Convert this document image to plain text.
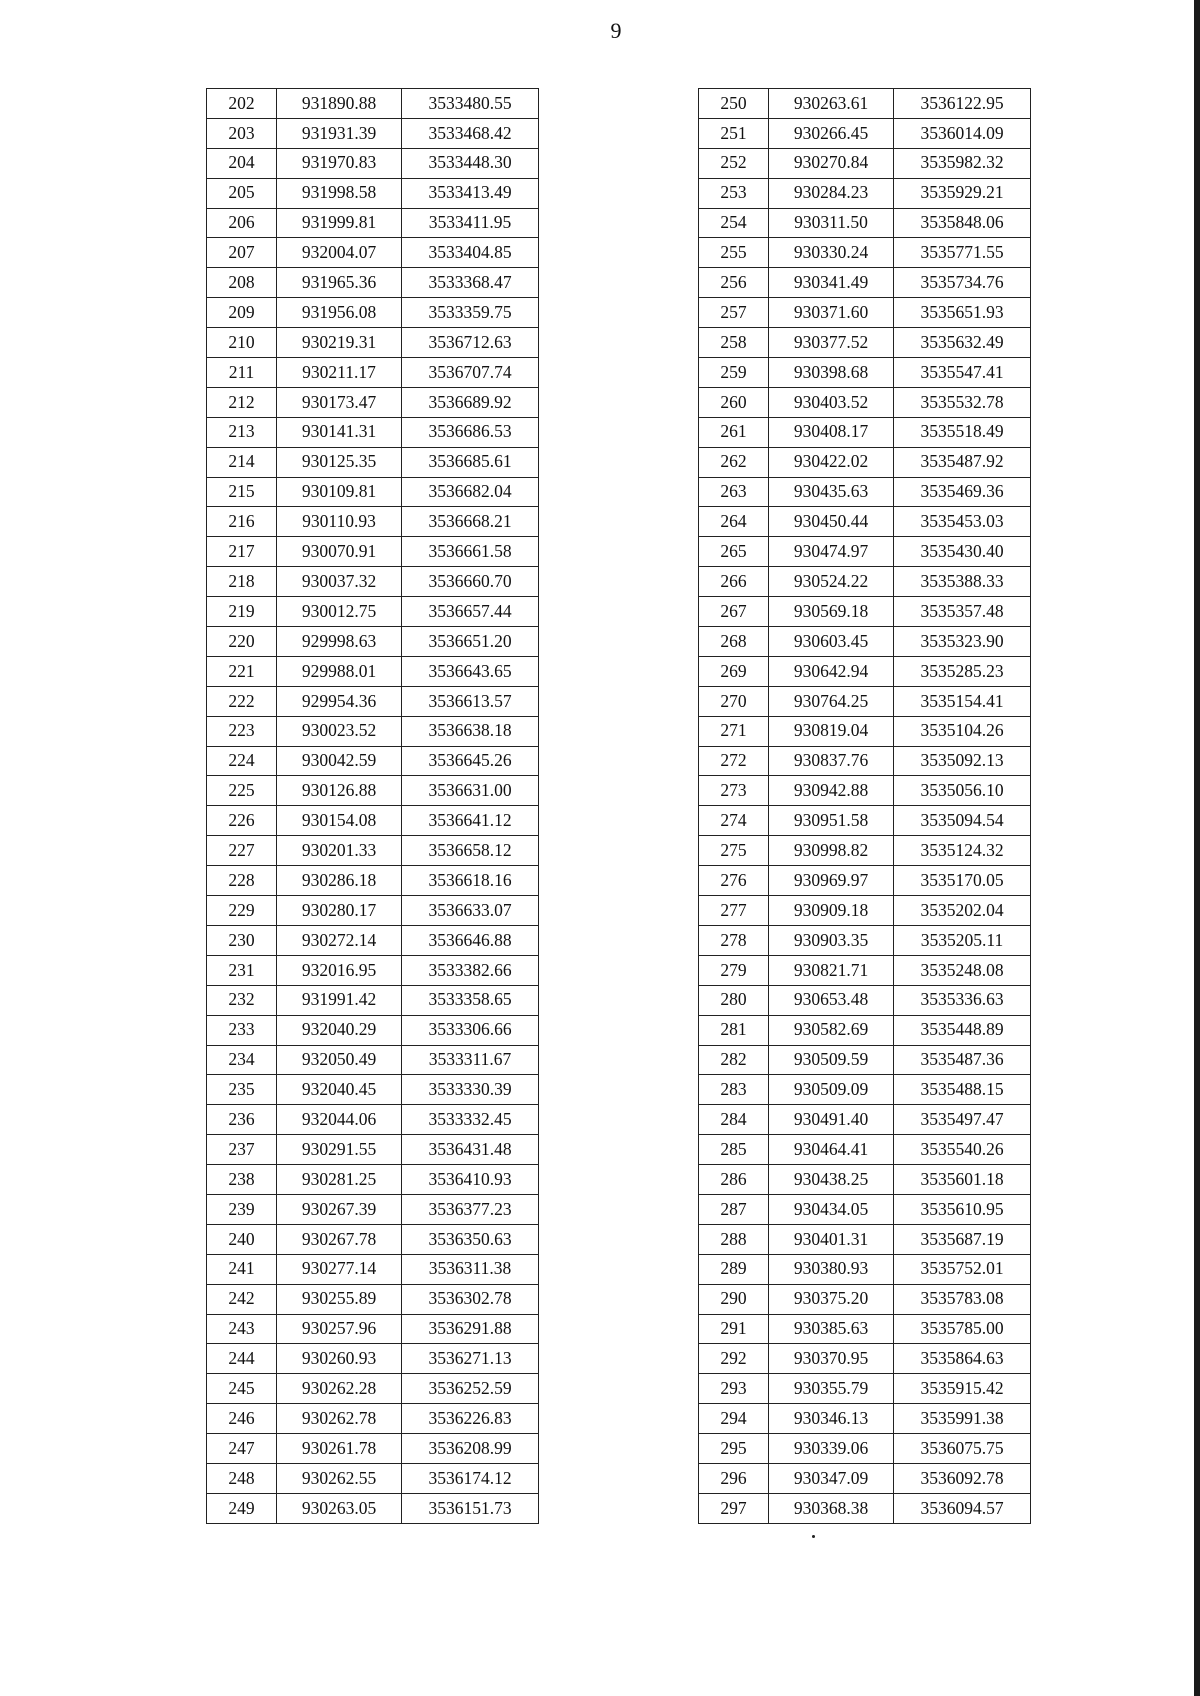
9
202	931890.88	3533480.55
203	931931.39	3533468.42
204	931970.83	3533448.30
205	931998.58	3533413.49
206	931999.81	3533411.95
207	932004.07	3533404.85
208	931965.36	3533368.47
209	931956.08	3533359.75
210	930219.31	3536712.63
211	930211.17	3536707.74
212	930173.47	3536689.92
213	930141.31	3536686.53
214	930125.35	3536685.61
215	930109.81	3536682.04
216	930110.93	3536668.21
217	930070.91	3536661.58
218	930037.32	3536660.70
219	930012.75	3536657.44
220	929998.63	3536651.20
221	929988.01	3536643.65
222	929954.36	3536613.57
223	930023.52	3536638.18
224	930042.59	3536645.26
225	930126.88	3536631.00
226	930154.08	3536641.12
227	930201.33	3536658.12
228	930286.18	3536618.16
229	930280.17	3536633.07
230	930272.14	3536646.88
231	932016.95	3533382.66
232	931991.42	3533358.65
233	932040.29	3533306.66
234	932050.49	3533311.67
235	932040.45	3533330.39
236	932044.06	3533332.45
237	930291.55	3536431.48
238	930281.25	3536410.93
239	930267.39	3536377.23
240	930267.78	3536350.63
241	930277.14	3536311.38
242	930255.89	3536302.78
243	930257.96	3536291.88
244	930260.93	3536271.13
245	930262.28	3536252.59
246	930262.78	3536226.83
247	930261.78	3536208.99
248	930262.55	3536174.12
249	930263.05	3536151.73
250	930263.61	3536122.95
251	930266.45	3536014.09
252	930270.84	3535982.32
253	930284.23	3535929.21
254	930311.50	3535848.06
255	930330.24	3535771.55
256	930341.49	3535734.76
257	930371.60	3535651.93
258	930377.52	3535632.49
259	930398.68	3535547.41
260	930403.52	3535532.78
261	930408.17	3535518.49
262	930422.02	3535487.92
263	930435.63	3535469.36
264	930450.44	3535453.03
265	930474.97	3535430.40
266	930524.22	3535388.33
267	930569.18	3535357.48
268	930603.45	3535323.90
269	930642.94	3535285.23
270	930764.25	3535154.41
271	930819.04	3535104.26
272	930837.76	3535092.13
273	930942.88	3535056.10
274	930951.58	3535094.54
275	930998.82	3535124.32
276	930969.97	3535170.05
277	930909.18	3535202.04
278	930903.35	3535205.11
279	930821.71	3535248.08
280	930653.48	3535336.63
281	930582.69	3535448.89
282	930509.59	3535487.36
283	930509.09	3535488.15
284	930491.40	3535497.47
285	930464.41	3535540.26
286	930438.25	3535601.18
287	930434.05	3535610.95
288	930401.31	3535687.19
289	930380.93	3535752.01
290	930375.20	3535783.08
291	930385.63	3535785.00
292	930370.95	3535864.63
293	930355.79	3535915.42
294	930346.13	3535991.38
295	930339.06	3536075.75
296	930347.09	3536092.78
297	930368.38	3536094.57
